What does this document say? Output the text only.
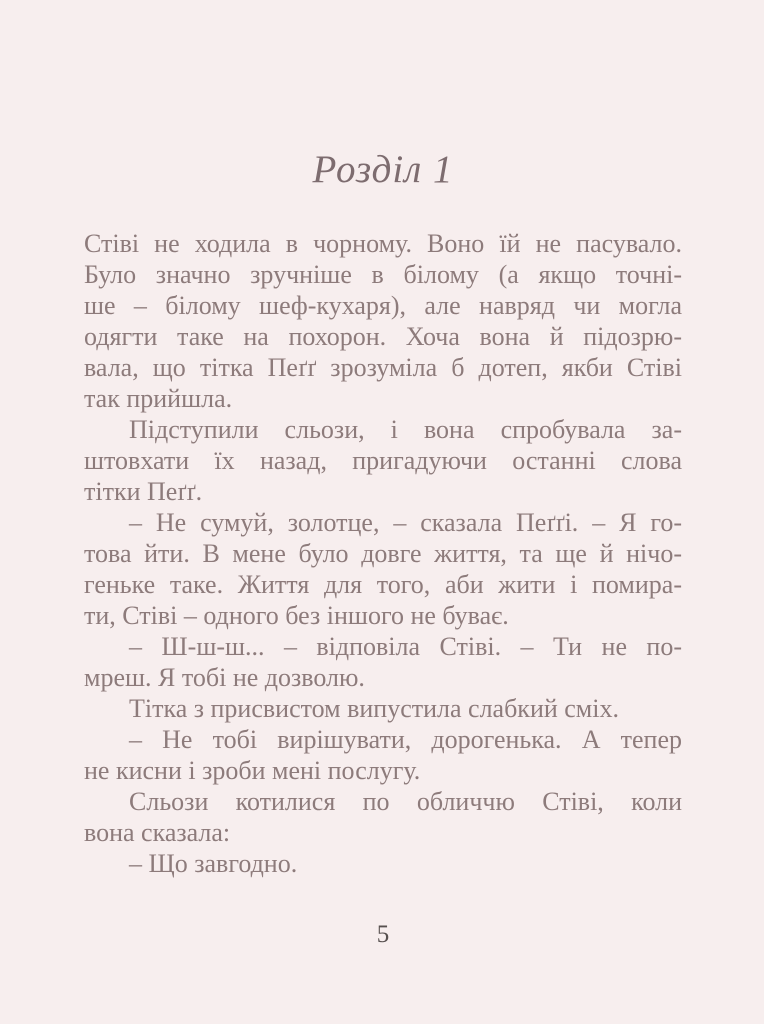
Розділ 1
Стіві не ходила в чорному. Воно їй не пасувало.
Було значно зручніше в білому (а якщо точні-
ше – білому шеф-кухаря), але навряд чи могла
одягти таке на похорон. Хоча вона й підозрю-
вала, що тітка Пеґґ зрозуміла б дотеп, якби Стіві
так прийшла.
Підступили сльози, і вона спробувала за-
штовхати їх назад, пригадуючи останні слова
тітки Пеґґ.
– Не сумуй, золотце, – сказала Пеґґі. – Я го-
това йти. В мене було довге життя, та ще й нічо-
геньке таке. Життя для того, аби жити і помира-
ти, Стіві – одного без іншого не буває.
– Ш-ш-ш... – відповіла Стіві. – Ти не по-
мреш. Я тобі не дозволю.
Тітка з присвистом випустила слабкий сміх.
– Не тобі вирішувати, дорогенька. А тепер
не кисни і зроби мені послугу.
Сльози котилися по обличчю Стіві, коли
вона сказала:
– Що завгодно.
5
